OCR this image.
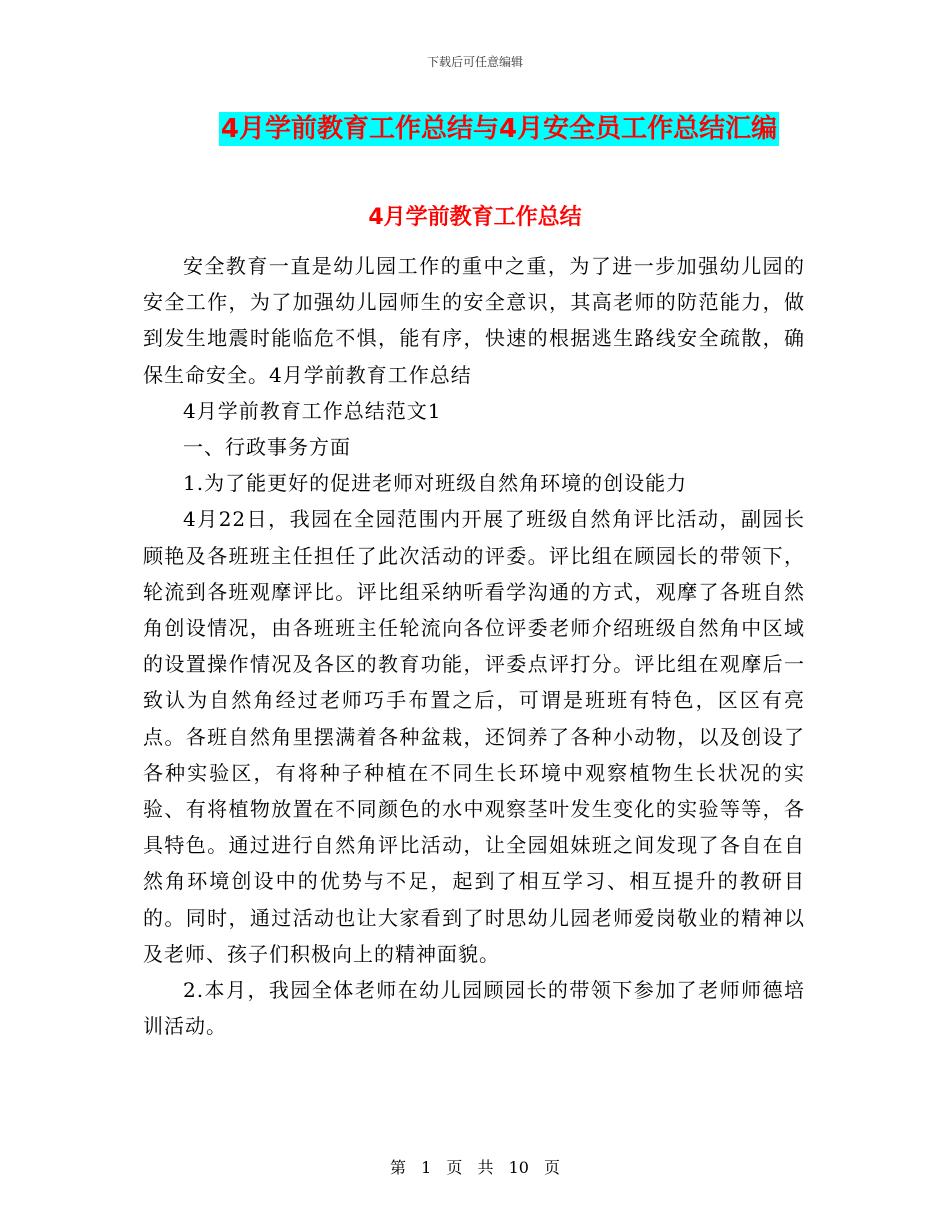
下载后可任意编辑
4月学前教育工作总结与4月安全员工作总结汇编
4月学前教育工作总结

安全教育一直是幼儿园工作的重中之重，为了进一步加强幼儿园的安全工作，为了加强幼儿园师生的安全意识，其高老师的防范能力，做到发生地震时能临危不惧，能有序，快速的根据逃生路线安全疏散，确保生命安全。4月学前教育工作总结

4月学前教育工作总结范文1

一、行政事务方面

1.为了能更好的促进老师对班级自然角环境的创设能力

4月22日，我园在全园范围内开展了班级自然角评比活动，副园长顾艳及各班班主任担任了此次活动的评委。评比组在顾园长的带领下，轮流到各班观摩评比。评比组采纳听看学沟通的方式，观摩了各班自然角创设情况，由各班班主任轮流向各位评委老师介绍班级自然角中区域的设置操作情况及各区的教育功能，评委点评打分。评比组在观摩后一致认为自然角经过老师巧手布置之后，可谓是班班有特色，区区有亮点。各班自然角里摆满着各种盆栽，还饲养了各种小动物，以及创设了各种实验区，有将种子种植在不同生长环境中观察植物生长状况的实验、有将植物放置在不同颜色的水中观察茎叶发生变化的实验等等，各具特色。通过进行自然角评比活动，让全园姐妹班之间发现了各自在自然角环境创设中的优势与不足，起到了相互学习、相互提升的教研目的。同时，通过活动也让大家看到了时思幼儿园老师爱岗敬业的精神以及老师、孩子们积极向上的精神面貌。

2.本月，我园全体老师在幼儿园顾园长的带领下参加了老师师德培训活动。

第 1 页 共 10 页
